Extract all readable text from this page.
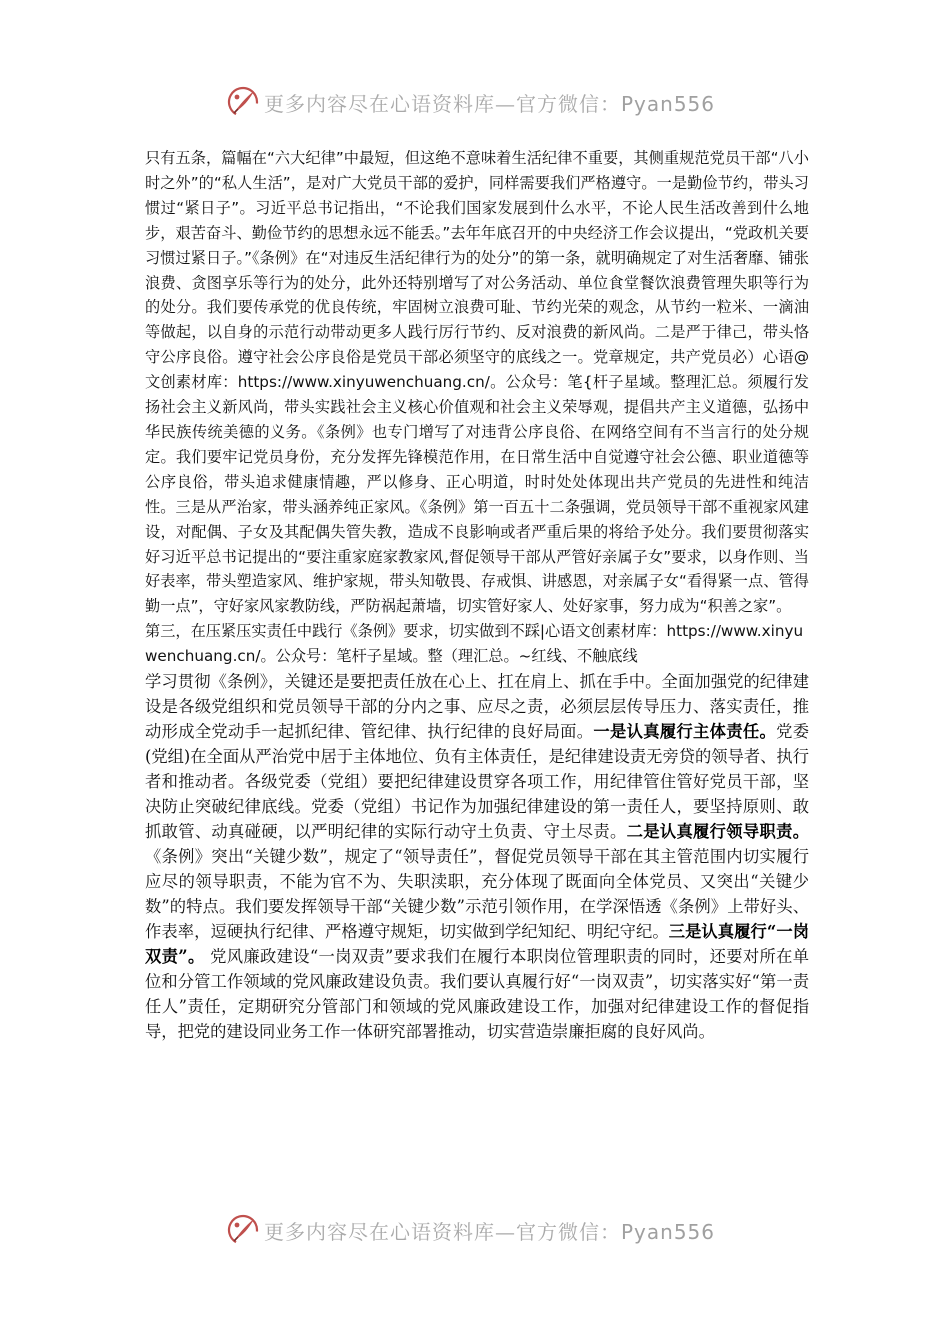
更多内容尽在心语资料库—官方微信：Pyan556

只有五条，篇幅在“六大纪律”中最短，但这绝不意味着生活纪律不重要，其侧重规范党员干部“八小时之外”的“私人生活”，是对广大党员干部的爱护，同样需要我们严格遵守。一是勤俭节约，带头习惯过“紧日子”。习近平总书记指出，“不论我们国家发展到什么水平，不论人民生活改善到什么地步，艰苦奋斗、勤俭节约的思想永远不能丢。”去年年底召开的中央经济工作会议提出，“党政机关要习惯过紧日子。”《条例》在“对违反生活纪律行为的处分”的第一条，就明确规定了对生活奢靡、铺张浪费、贪图享乐等行为的处分，此外还特别增写了对公务活动、单位食堂餐饮浪费管理失职等行为的处分。我们要传承党的优良传统，牢固树立浪费可耻、节约光荣的观念，从节约一粒米、一滴油等做起，以自身的示范行动带动更多人践行厉行节约、反对浪费的新风尚。二是严于律己，带头恪守公序良俗。遵守社会公序良俗是党员干部必须坚守的底线之一。党章规定，共产党员必）心语@文创素材库：https://www.xinyuwenchuang.cn/。公众号：笔{杆子星域。整理汇总。须履行发扬社会主义新风尚，带头实践社会主义核心价值观和社会主义荣辱观，提倡共产主义道德，弘扬中华民族传统美德的义务。《条例》也专门增写了对违背公序良俗、在网络空间有不当言行的处分规定。我们要牢记党员身份，充分发挥先锋模范作用，在日常生活中自觉遵守社会公德、职业道德等公序良俗，带头追求健康情趣，严以修身、正心明道，时时处处体现出共产党员的先进性和纯洁性。三是从严治家，带头涵养纯正家风。《条例》第一百五十二条强调，党员领导干部不重视家风建设，对配偶、子女及其配偶失管失教，造成不良影响或者严重后果的将给予处分。我们要贯彻落实好习近平总书记提出的“要注重家庭家教家风,督促领导干部从严管好亲属子女”要求，以身作则、当好表率，带头塑造家风、维护家规，带头知敬畏、存戒惧、讲感恩，对亲属子女“看得紧一点、管得勤一点”，守好家风家教防线，严防祸起萧墙，切实管好家人、处好家事，努力成为“积善之家”。

第三，在压紧压实责任中践行《条例》要求，切实做到不踩|心语文创素材库：https://www.xinyuwenchuang.cn/。公众号：笔杆子星域。整（理汇总。~红线、不触底线

学习贯彻《条例》，关键还是要把责任放在心上、扛在肩上、抓在手中。全面加强党的纪律建设是各级党组织和党员领导干部的分内之事、应尽之责，必须层层传导压力、落实责任，推动形成全党动手一起抓纪律、管纪律、执行纪律的良好局面。一是认真履行主体责任。党委(党组)在全面从严治党中居于主体地位、负有主体责任，是纪律建设责无旁贷的领导者、执行者和推动者。各级党委（党组）要把纪律建设贯穿各项工作，用纪律管住管好党员干部，坚决防止突破纪律底线。党委（党组）书记作为加强纪律建设的第一责任人，要坚持原则、敢抓敢管、动真碰硬，以严明纪律的实际行动守土负责、守土尽责。二是认真履行领导职责。《条例》突出“关键少数”，规定了“领导责任”，督促党员领导干部在其主管范围内切实履行应尽的领导职责，不能为官不为、失职渎职，充分体现了既面向全体党员、又突出“关键少数”的特点。我们要发挥领导干部“关键少数”示范引领作用，在学深悟透《条例》上带好头、作表率，逗硬执行纪律、严格遵守规矩，切实做到学纪知纪、明纪守纪。三是认真履行“一岗双责”。 党风廉政建设“一岗双责”要求我们在履行本职岗位管理职责的同时，还要对所在单位和分管工作领域的党风廉政建设负责。我们要认真履行好“一岗双责”，切实落实好“第一责任人”责任，定期研究分管部门和领域的党风廉政建设工作，加强对纪律建设工作的督促指导，把党的建设同业务工作一体研究部署推动，切实营造崇廉拒腐的良好风尚。

更多内容尽在心语资料库—官方微信：Pyan556
